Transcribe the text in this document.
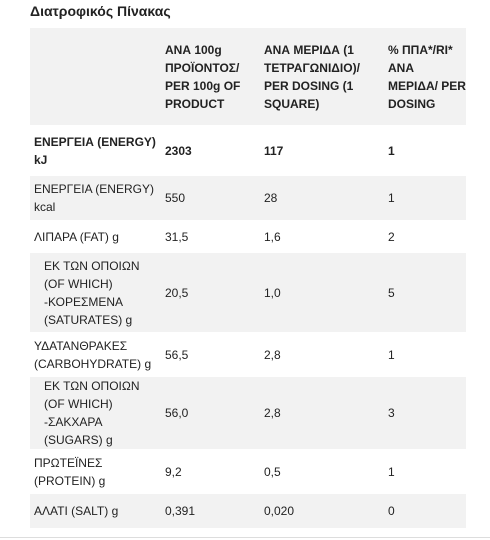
Διατροφικός Πίνακας
	ΑΝΑ 100g ΠΡΟΪΟΝΤΟΣ/ PER 100g OF PRODUCT	ΑΝΑ ΜΕΡΙΔΑ (1 ΤΕΤΡΑΓΩΝΙΔΙΟ)/ PER DOSING (1 SQUARE)	% ΠΠΑ*/RI* ΑΝΑ ΜΕΡΙΔΑ/ PER DOSING
ΕΝΕΡΓΕΙΑ (ENERGY) kJ	2303	117	1
ΕΝΕΡΓΕΙΑ (ENERGY) kcal	550	28	1
ΛΙΠΑΡΑ (FAT) g	31,5	1,6	2
ΕΚ ΤΩΝ ΟΠΟΙΩΝ (OF WHICH) -ΚΟΡΕΣΜΕΝΑ (SATURATES) g	20,5	1,0	5
ΥΔΑΤΑΝΘΡΑΚΕΣ (CARBOHYDRATE) g	56,5	2,8	1
ΕΚ ΤΩΝ ΟΠΟΙΩΝ (OF WHICH) -ΣΑΚΧΑΡΑ (SUGARS) g	56,0	2,8	3
ΠΡΩΤΕΪΝΕΣ (PROTEIN) g	9,2	0,5	1
ΑΛΑΤΙ (SALT) g	0,391	0,020	0
